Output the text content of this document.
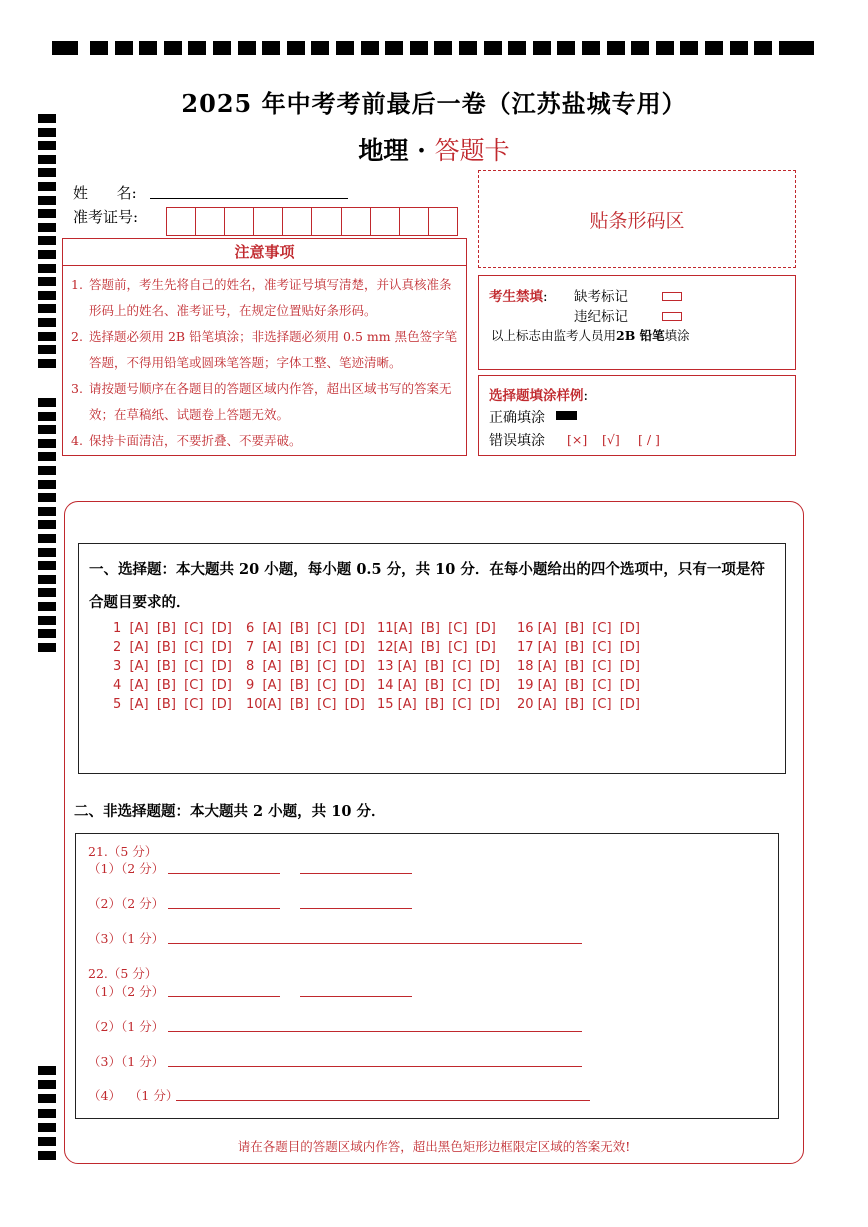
2025 年中考考前最后一卷（江苏盐城专用）
地理 · 答题卡
姓      名:
准考证号:	贴条形码区
注意事项
1. 答题前，考生先将自己的姓名，准考证号填写清楚，并认真核准条形码上的姓名、准考证号，在规定位置贴好条形码。
2. 选择题必须用 2B 铅笔填涂；非选择题必须用 0.5 mm 黑色签字笔答题，不得用铅笔或圆珠笔答题；字体工整、笔迹清晰。
3. 请按题号顺序在各题目的答题区域内作答，超出区域书写的答案无效；在草稿纸、试题卷上答题无效。
4. 保持卡面清洁，不要折叠、不要弄破。
考生禁填: 缺考标记
违纪标记
以上标志由监考人员用2B 铅笔填涂
选择题填涂样例:
正确填涂
错误填涂 [×] [√] [ / ]
一、选择题：本大题共 20 小题，每小题 0.5 分，共 10 分．在每小题给出的四个选项中，只有一项是符合题目要求的．
1  [A]  [B]  [C]  [D]
2  [A]  [B]  [C]  [D]
3  [A]  [B]  [C]  [D]
4  [A]  [B]  [C]  [D]
5  [A]  [B]  [C]  [D]
6  [A]  [B]  [C]  [D]
7  [A]  [B]  [C]  [D]
8  [A]  [B]  [C]  [D]
9  [A]  [B]  [C]  [D]
10[A]  [B]  [C]  [D]
11[A]  [B]  [C]  [D]
12[A]  [B]  [C]  [D]
13 [A]  [B]  [C]  [D]
14 [A]  [B]  [C]  [D]
15 [A]  [B]  [C]  [D]
16 [A]  [B]  [C]  [D]
17 [A]  [B]  [C]  [D]
18 [A]  [B]  [C]  [D]
19 [A]  [B]  [C]  [D]
20 [A]  [B]  [C]  [D]
二、非选择题题：本大题共 2 小题，共 10 分．
21.（5 分）
（1）（2 分）
（2）（2 分）
（3）（1 分）
22.（5 分）
（1）（2 分）
（2）（1 分）
（3）（1 分）
（4）  （1 分）
请在各题目的答题区域内作答，超出黑色矩形边框限定区域的答案无效!
